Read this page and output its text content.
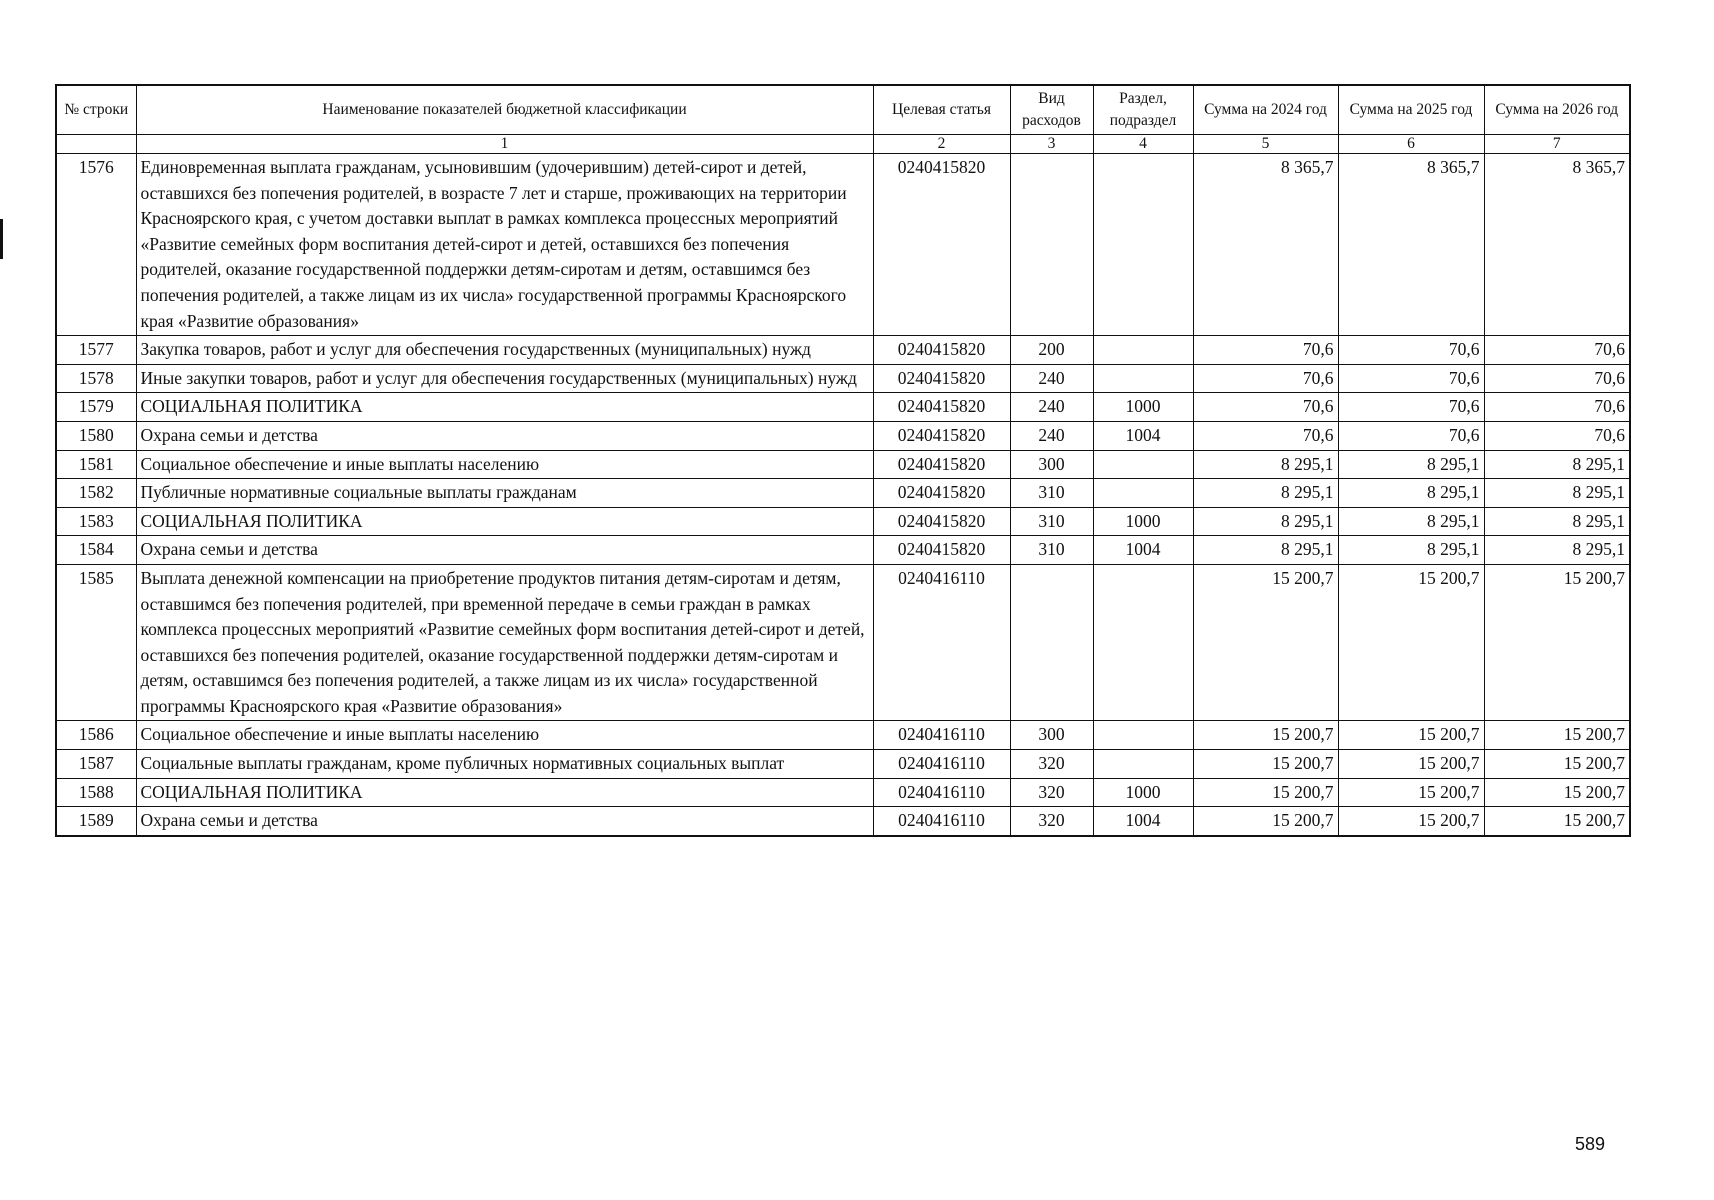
№ строки	Наименование показателей бюджетной классификации	Целевая статья	Вид расходов	Раздел, подраздел	Сумма на 2024 год	Сумма на 2025 год	Сумма на 2026 год
	1	2	3	4	5	6	7
1576	Единовременная выплата гражданам, усыновившим (удочерившим) детей-сирот и детей, оставшихся без попечения родителей, в возрасте 7 лет и старше, проживающих на территории Красноярского края, с учетом доставки выплат в рамках комплекса процессных мероприятий «Развитие семейных форм воспитания детей-сирот и детей, оставшихся без попечения родителей, оказание государственной поддержки детям-сиротам и детям, оставшимся без попечения родителей, а также лицам из их числа» государственной программы Красноярского края «Развитие образования»	0240415820			8 365,7	8 365,7	8 365,7
1577	Закупка товаров, работ и услуг для обеспечения государственных (муниципальных) нужд	0240415820	200		70,6	70,6	70,6
1578	Иные закупки товаров, работ и услуг для обеспечения государственных (муниципальных) нужд	0240415820	240		70,6	70,6	70,6
1579	СОЦИАЛЬНАЯ ПОЛИТИКА	0240415820	240	1000	70,6	70,6	70,6
1580	Охрана семьи и детства	0240415820	240	1004	70,6	70,6	70,6
1581	Социальное обеспечение и иные выплаты населению	0240415820	300		8 295,1	8 295,1	8 295,1
1582	Публичные нормативные социальные выплаты гражданам	0240415820	310		8 295,1	8 295,1	8 295,1
1583	СОЦИАЛЬНАЯ ПОЛИТИКА	0240415820	310	1000	8 295,1	8 295,1	8 295,1
1584	Охрана семьи и детства	0240415820	310	1004	8 295,1	8 295,1	8 295,1
1585	Выплата денежной компенсации на приобретение продуктов питания детям-сиротам и детям, оставшимся без попечения родителей, при временной передаче в семьи граждан в рамках комплекса процессных мероприятий «Развитие семейных форм воспитания детей-сирот и детей, оставшихся без попечения родителей, оказание государственной поддержки детям-сиротам и детям, оставшимся без попечения родителей, а также лицам из их числа» государственной программы Красноярского края «Развитие образования»	0240416110			15 200,7	15 200,7	15 200,7
1586	Социальное обеспечение и иные выплаты населению	0240416110	300		15 200,7	15 200,7	15 200,7
1587	Социальные выплаты гражданам, кроме публичных нормативных социальных выплат	0240416110	320		15 200,7	15 200,7	15 200,7
1588	СОЦИАЛЬНАЯ ПОЛИТИКА	0240416110	320	1000	15 200,7	15 200,7	15 200,7
1589	Охрана семьи и детства	0240416110	320	1004	15 200,7	15 200,7	15 200,7
589
